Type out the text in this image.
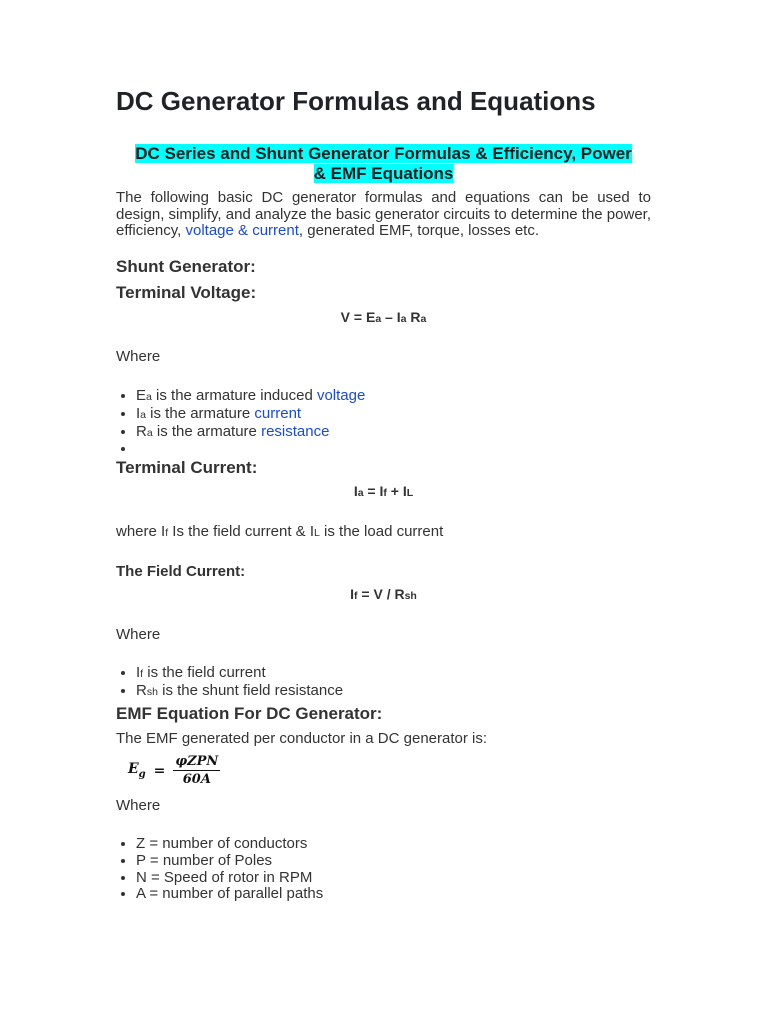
DC Generator Formulas and Equations
DC Series and Shunt Generator Formulas & Efficiency, Power
& EMF Equations

The following basic DC generator formulas and equations can be used to design, simplify, and analyze the basic generator circuits to determine the power, efficiency, voltage & current, generated EMF, torque, losses etc.

Shunt Generator:
Terminal Voltage:
V = Ea – Ia Ra
Where
• Ea is the armature induced voltage
• Ia is the armature current
• Ra is the armature resistance
•
Terminal Current:
Ia = If + IL
where If Is the field current & IL is the load current
The Field Current:
If = V / Rsh
Where
• If is the field current
• Rsh is the shunt field resistance
EMF Equation For DC Generator:
The EMF generated per conductor in a DC generator is:
$E_g = \frac{\text{φZPN}}{60A}$
Where
• Z = number of conductors
• P = number of Poles
• N = Speed of rotor in RPM
• A = number of parallel paths
